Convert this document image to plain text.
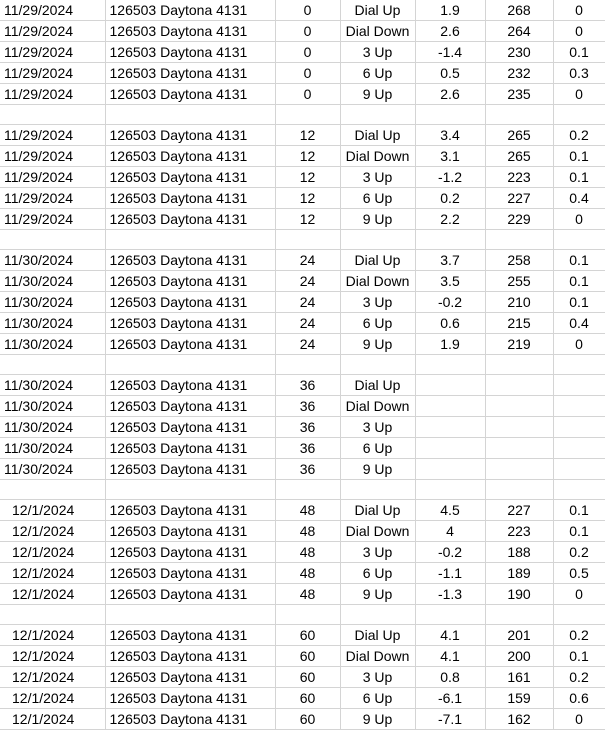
11/29/2024	126503 Daytona 4131	0	Dial Up	1.9	268	0
11/29/2024	126503 Daytona 4131	0	Dial Down	2.6	264	0
11/29/2024	126503 Daytona 4131	0	3 Up	-1.4	230	0.1
11/29/2024	126503 Daytona 4131	0	6 Up	0.5	232	0.3
11/29/2024	126503 Daytona 4131	0	9 Up	2.6	235	0

11/29/2024	126503 Daytona 4131	12	Dial Up	3.4	265	0.2
11/29/2024	126503 Daytona 4131	12	Dial Down	3.1	265	0.1
11/29/2024	126503 Daytona 4131	12	3 Up	-1.2	223	0.1
11/29/2024	126503 Daytona 4131	12	6 Up	0.2	227	0.4
11/29/2024	126503 Daytona 4131	12	9 Up	2.2	229	0

11/30/2024	126503 Daytona 4131	24	Dial Up	3.7	258	0.1
11/30/2024	126503 Daytona 4131	24	Dial Down	3.5	255	0.1
11/30/2024	126503 Daytona 4131	24	3 Up	-0.2	210	0.1
11/30/2024	126503 Daytona 4131	24	6 Up	0.6	215	0.4
11/30/2024	126503 Daytona 4131	24	9 Up	1.9	219	0

11/30/2024	126503 Daytona 4131	36	Dial Up			
11/30/2024	126503 Daytona 4131	36	Dial Down			
11/30/2024	126503 Daytona 4131	36	3 Up			
11/30/2024	126503 Daytona 4131	36	6 Up			
11/30/2024	126503 Daytona 4131	36	9 Up			

12/1/2024	126503 Daytona 4131	48	Dial Up	4.5	227	0.1
12/1/2024	126503 Daytona 4131	48	Dial Down	4	223	0.1
12/1/2024	126503 Daytona 4131	48	3 Up	-0.2	188	0.2
12/1/2024	126503 Daytona 4131	48	6 Up	-1.1	189	0.5
12/1/2024	126503 Daytona 4131	48	9 Up	-1.3	190	0

12/1/2024	126503 Daytona 4131	60	Dial Up	4.1	201	0.2
12/1/2024	126503 Daytona 4131	60	Dial Down	4.1	200	0.1
12/1/2024	126503 Daytona 4131	60	3 Up	0.8	161	0.2
12/1/2024	126503 Daytona 4131	60	6 Up	-6.1	159	0.6
12/1/2024	126503 Daytona 4131	60	9 Up	-7.1	162	0
